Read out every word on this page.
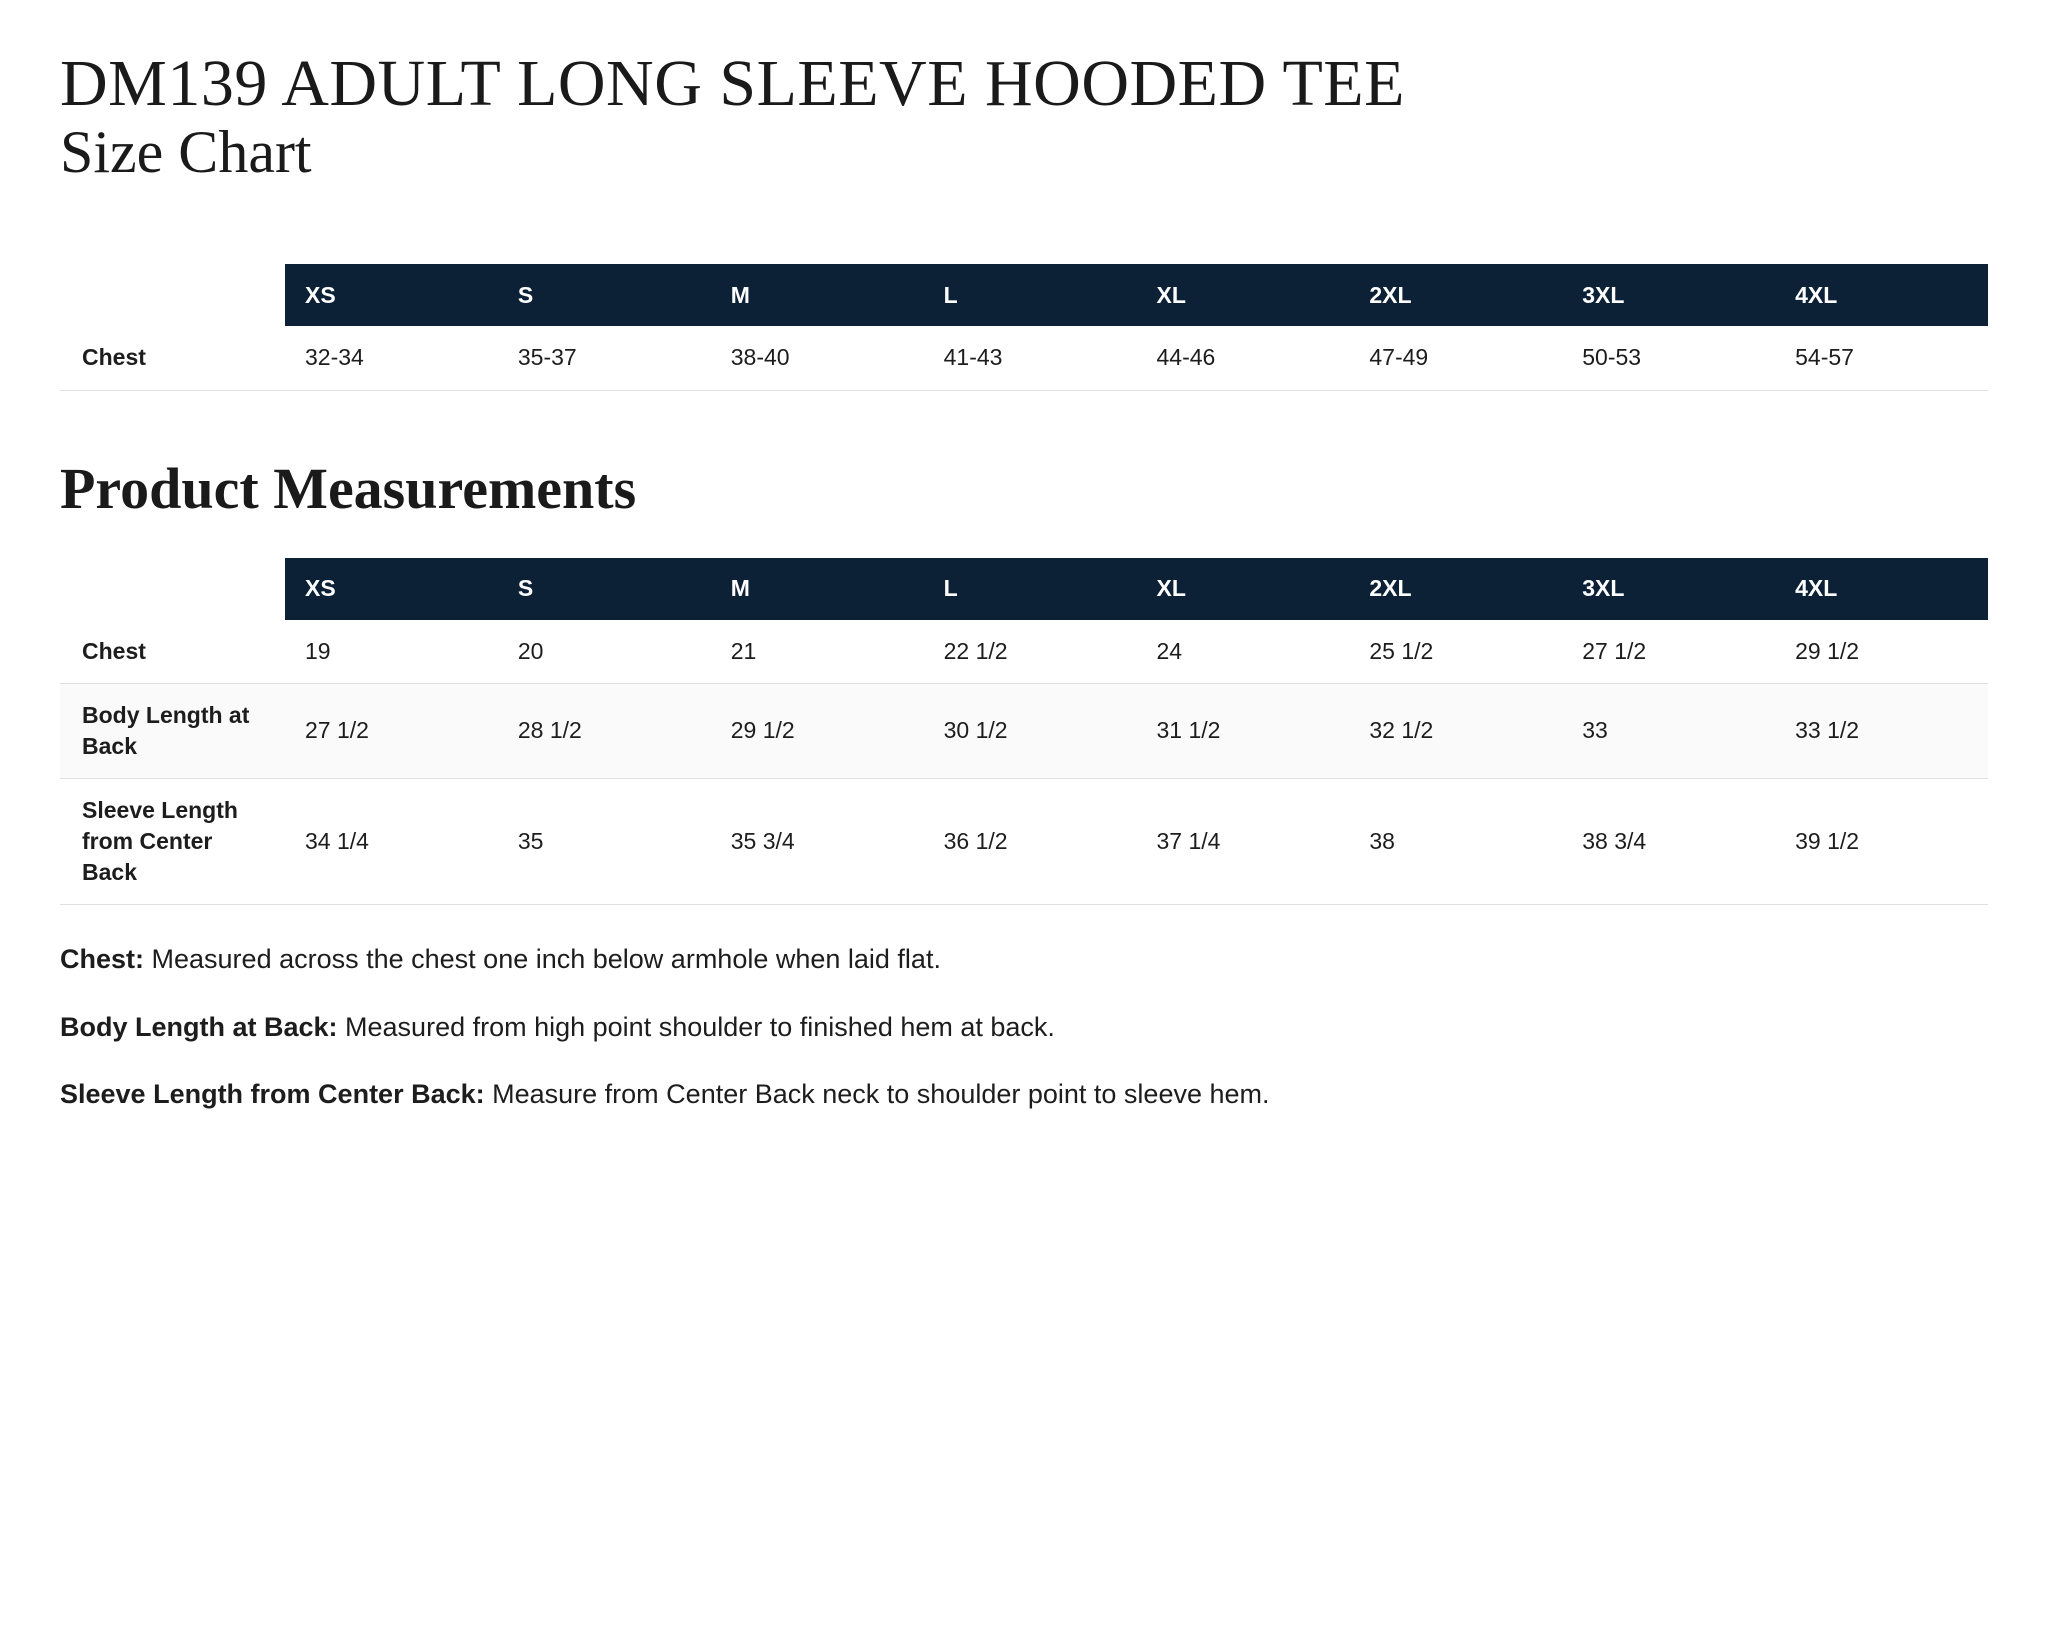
DM139 ADULT LONG SLEEVE HOODED TEE
Size Chart
	XS	S	M	L	XL	2XL	3XL	4XL
Chest	32-34	35-37	38-40	41-43	44-46	47-49	50-53	54-57
Product Measurements
	XS	S	M	L	XL	2XL	3XL	4XL
Chest	19	20	21	22 1/2	24	25 1/2	27 1/2	29 1/2
Body Length at Back	27 1/2	28 1/2	29 1/2	30 1/2	31 1/2	32 1/2	33	33 1/2
Sleeve Length from Center Back	34 1/4	35	35 3/4	36 1/2	37 1/4	38	38 3/4	39 1/2

Chest: Measured across the chest one inch below armhole when laid flat.

Body Length at Back: Measured from high point shoulder to finished hem at back.

Sleeve Length from Center Back: Measure from Center Back neck to shoulder point to sleeve hem.
